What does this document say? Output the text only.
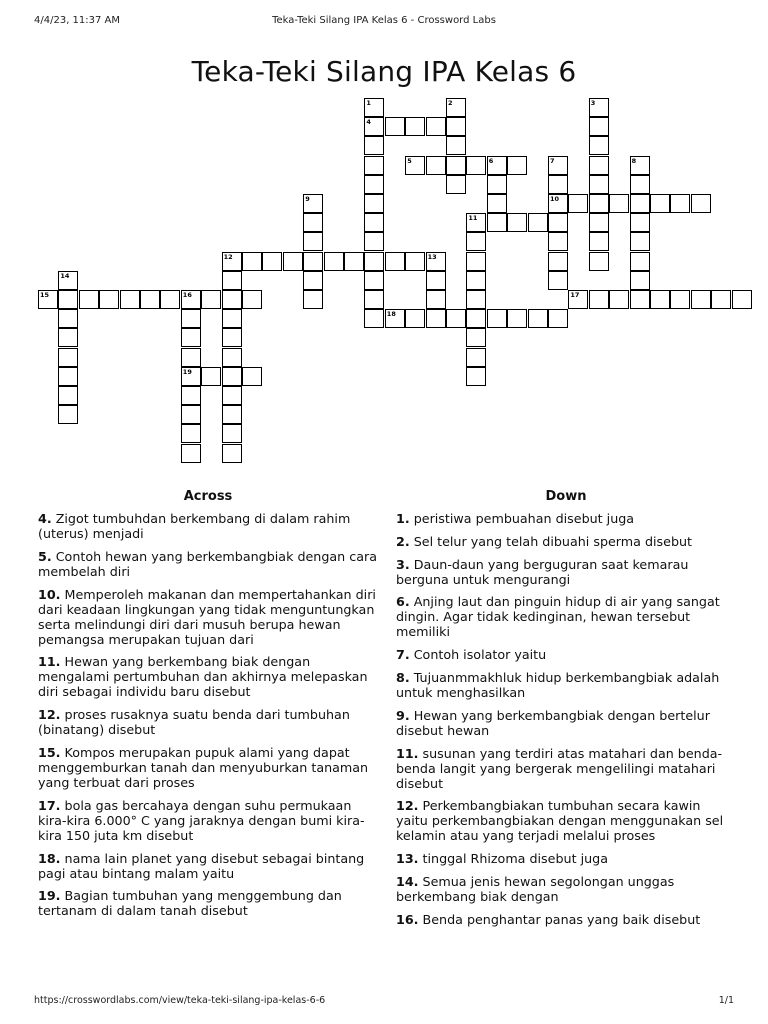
4/4/23, 11:37 AM	Teka-Teki Silang IPA Kelas 6 - Crossword Labs
Teka-Teki Silang IPA Kelas 6
1	2	3
4
5	6	7	8
9	10
11
12	13
14
15	16	17
18
19
Across
4. Zigot tumbuhdan berkembang di dalam rahim (uterus) menjadi
5. Contoh hewan yang berkembangbiak dengan cara membelah diri
10. Memperoleh makanan dan mempertahankan diri dari keadaan lingkungan yang tidak menguntungkan serta melindungi diri dari musuh berupa hewan pemangsa merupakan tujuan dari
11. Hewan yang berkembang biak dengan mengalami pertumbuhan dan akhirnya melepaskan diri sebagai individu baru disebut
12. proses rusaknya suatu benda dari tumbuhan (binatang) disebut
15. Kompos merupakan pupuk alami yang dapat menggemburkan tanah dan menyuburkan tanaman yang terbuat dari proses
17. bola gas bercahaya dengan suhu permukaan kira-kira 6.000° C yang jaraknya dengan bumi kira-kira 150 juta km disebut
18. nama lain planet yang disebut sebagai bintang pagi atau bintang malam yaitu
19. Bagian tumbuhan yang menggembung dan tertanam di dalam tanah disebut
Down
1. peristiwa pembuahan disebut juga
2. Sel telur yang telah dibuahi sperma disebut
3. Daun-daun yang berguguran saat kemarau berguna untuk mengurangi
6. Anjing laut dan pinguin hidup di air yang sangat dingin. Agar tidak kedinginan, hewan tersebut memiliki
7. Contoh isolator yaitu
8. Tujuanmmakhluk hidup berkembangbiak adalah untuk menghasilkan
9. Hewan yang berkembangbiak dengan bertelur disebut hewan
11. susunan yang terdiri atas matahari dan benda-benda langit yang bergerak mengelilingi matahari disebut
12. Perkembangbiakan tumbuhan secara kawin yaitu perkembangbiakan dengan menggunakan sel kelamin atau yang terjadi melalui proses
13. tinggal Rhizoma disebut juga
14. Semua jenis hewan segolongan unggas berkembang biak dengan
16. Benda penghantar panas yang baik disebut
https://crosswordlabs.com/view/teka-teki-silang-ipa-kelas-6-6	1/1
